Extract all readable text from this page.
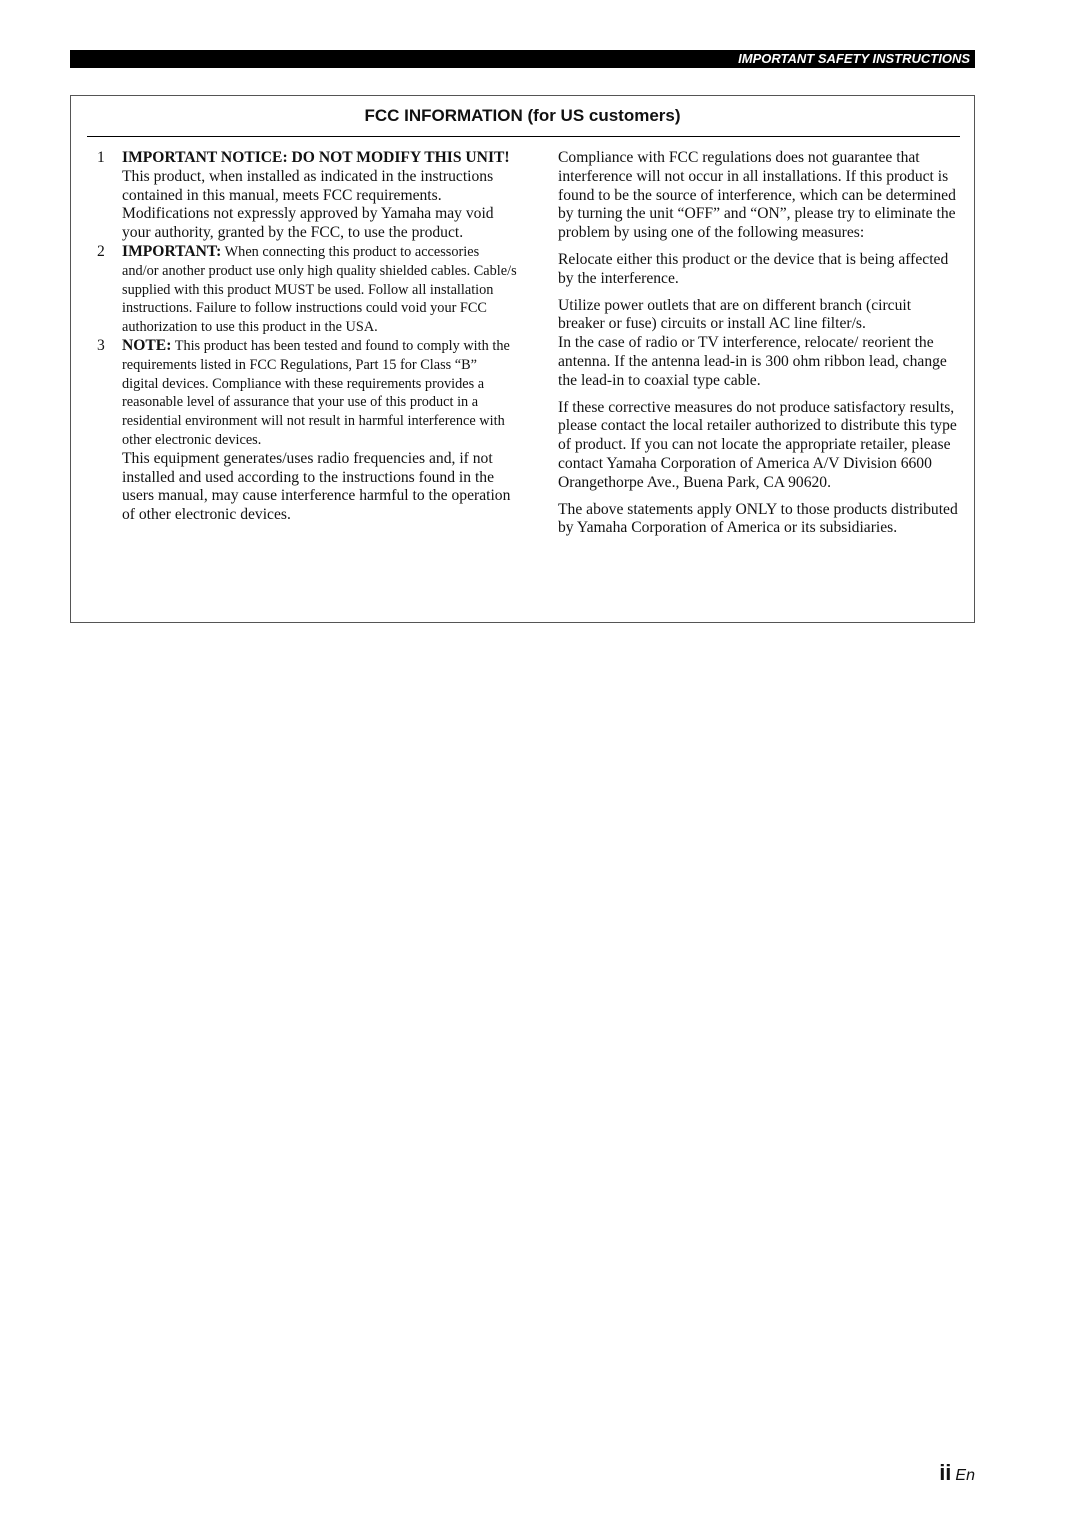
IMPORTANT SAFETY INSTRUCTIONS
FCC INFORMATION (for US customers)
1 IMPORTANT NOTICE: DO NOT MODIFY THIS UNIT!
This product, when installed as indicated in the instructions contained in this manual, meets FCC requirements. Modifications not expressly approved by Yamaha may void your authority, granted by the FCC, to use the product.
2 IMPORTANT: When connecting this product to accessories and/or another product use only high quality shielded cables. Cable/s supplied with this product MUST be used. Follow all installation instructions. Failure to follow instructions could void your FCC authorization to use this product in the USA.
3 NOTE: This product has been tested and found to comply with the requirements listed in FCC Regulations, Part 15 for Class “B” digital devices. Compliance with these requirements provides a reasonable level of assurance that your use of this product in a residential environment will not result in harmful interference with other electronic devices.
This equipment generates/uses radio frequencies and, if not installed and used according to the instructions found in the users manual, may cause interference harmful to the operation of other electronic devices.

Compliance with FCC regulations does not guarantee that interference will not occur in all installations. If this product is found to be the source of interference, which can be determined by turning the unit “OFF” and “ON”, please try to eliminate the problem by using one of the following measures:

Relocate either this product or the device that is being affected by the interference.

Utilize power outlets that are on different branch (circuit breaker or fuse) circuits or install AC line filter/s.

In the case of radio or TV interference, relocate/ reorient the antenna. If the antenna lead-in is 300 ohm ribbon lead, change the lead-in to coaxial type cable.

If these corrective measures do not produce satisfactory results, please contact the local retailer authorized to distribute this type of product. If you can not locate the appropriate retailer, please contact Yamaha Corporation of America A/V Division 6600 Orangethorpe Ave., Buena Park, CA 90620.

The above statements apply ONLY to those products distributed by Yamaha Corporation of America or its subsidiaries.

ii En
